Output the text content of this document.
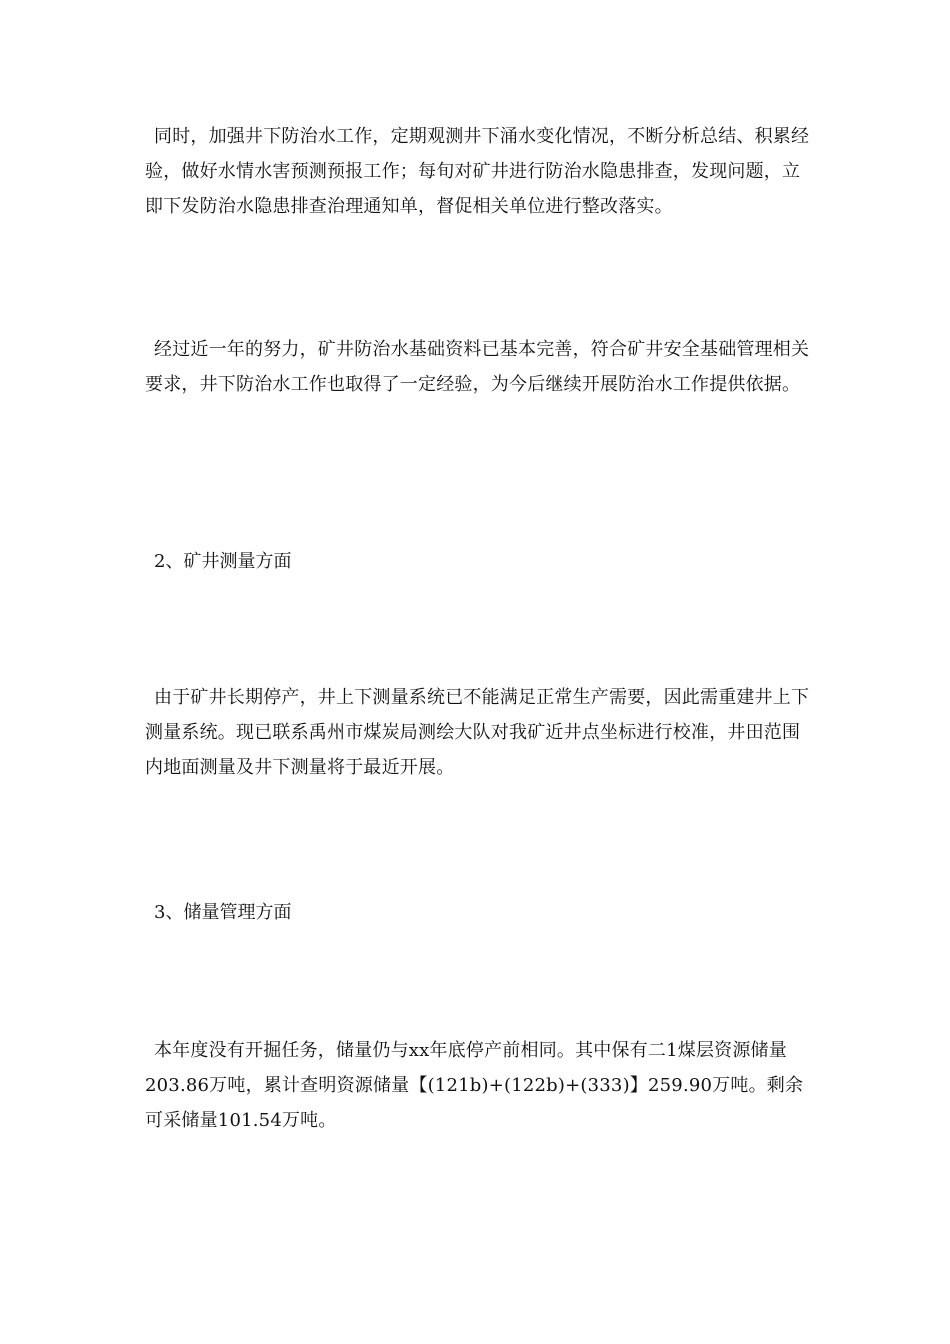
同时，加强井下防治水工作，定期观测井下涌水变化情况，不断分析总结、积累经验，做好水情水害预测预报工作；每旬对矿井进行防治水隐患排查，发现问题，立即下发防治水隐患排查治理通知单，督促相关单位进行整改落实。

经过近一年的努力，矿井防治水基础资料已基本完善，符合矿井安全基础管理相关要求，井下防治水工作也取得了一定经验，为今后继续开展防治水工作提供依据。

2、矿井测量方面

由于矿井长期停产，井上下测量系统已不能满足正常生产需要，因此需重建井上下测量系统。现已联系禹州市煤炭局测绘大队对我矿近井点坐标进行校准，井田范围内地面测量及井下测量将于最近开展。

3、储量管理方面

本年度没有开掘任务，储量仍与xx年底停产前相同。其中保有二1煤层资源储量203.86万吨，累计查明资源储量【(121b)+(122b)+(333)】259.90万吨。剩余可采储量101.54万吨。
